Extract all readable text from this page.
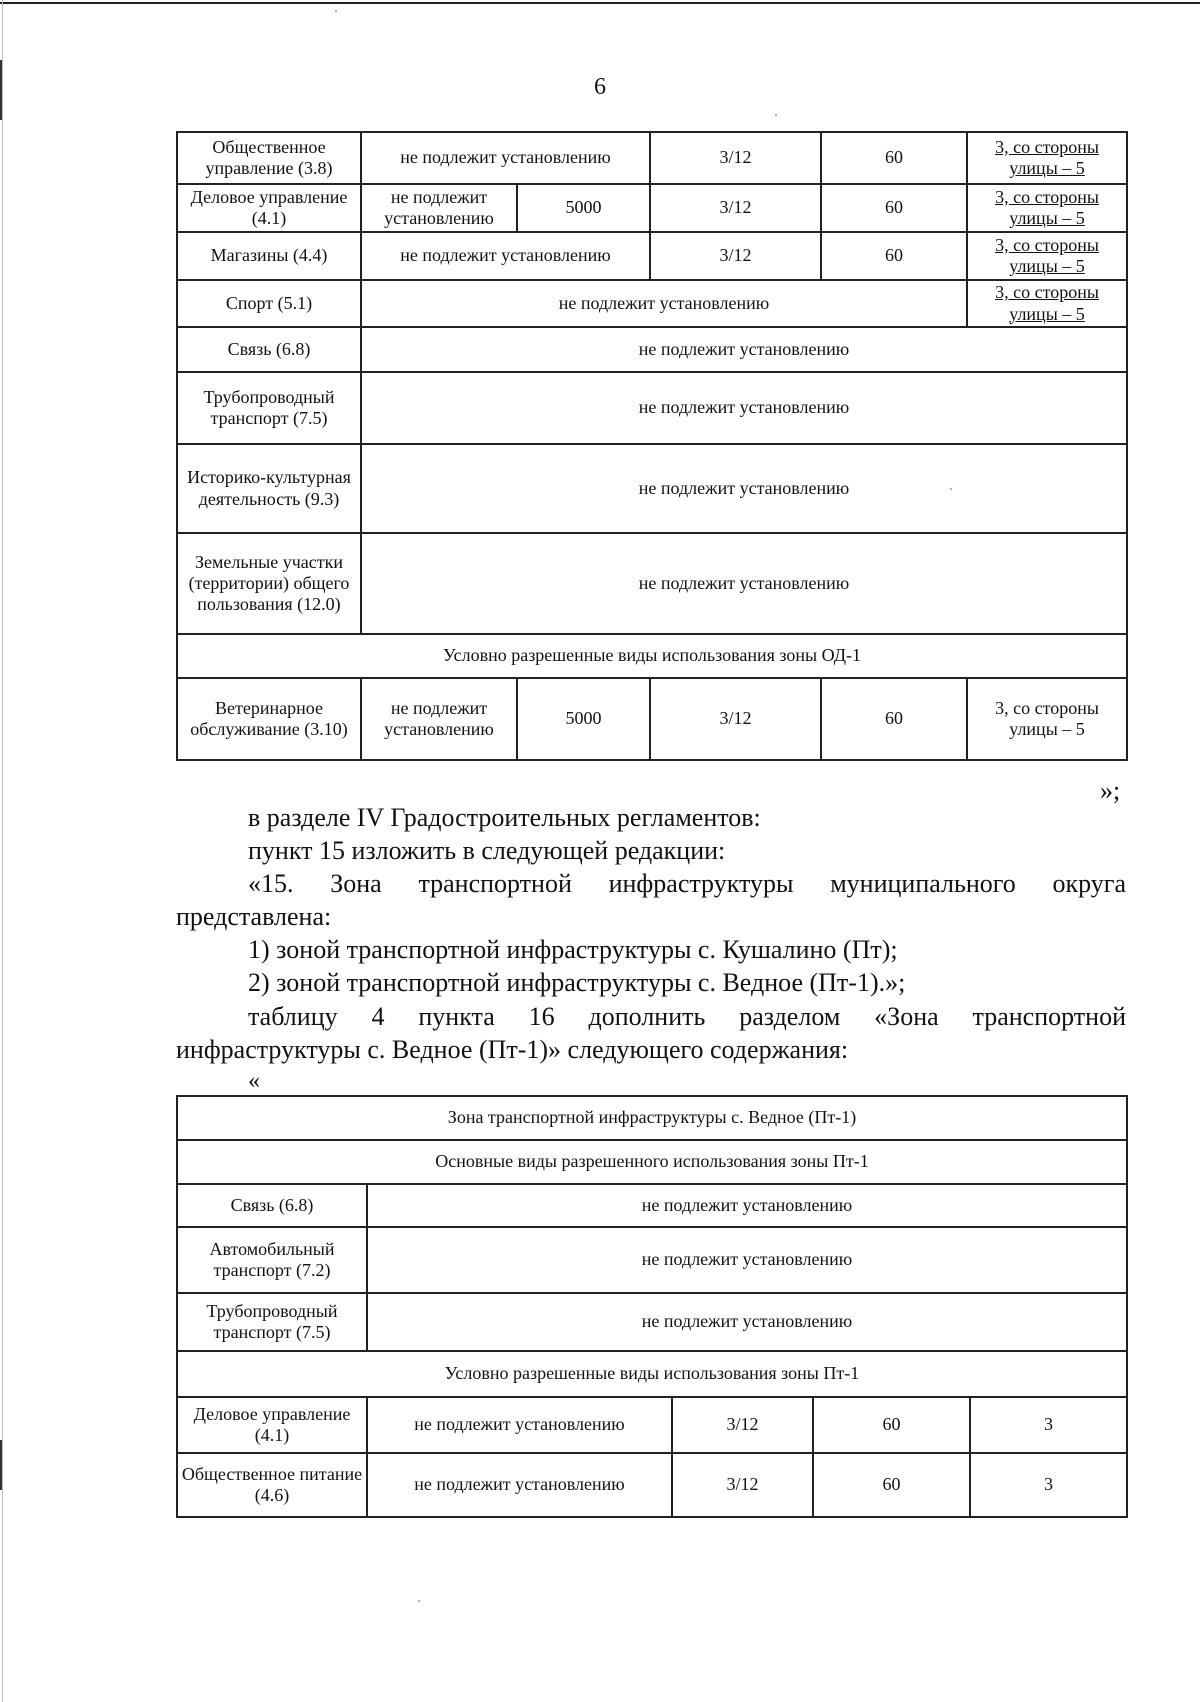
6
Общественное управление (3.8)	не подлежит установлению		3/12	60	3, со стороны улицы – 5
Деловое управление (4.1)	не подлежит установлению	5000	3/12	60	3, со стороны улицы – 5
Магазины (4.4)	не подлежит установлению		3/12	60	3, со стороны улицы – 5
Спорт (5.1)	не подлежит установлению				3, со стороны улицы – 5
Связь (6.8)	не подлежит установлению				
Трубопроводный транспорт (7.5)	не подлежит установлению				
Историко-культурная деятельность (9.3)	не подлежит установлению				
Земельные участки (территории) общего пользования (12.0)	не подлежит установлению				
Условно разрешенные виды использования зоны ОД-1					
Ветеринарное обслуживание (3.10)	не подлежит установлению	5000	3/12	60	3, со стороны улицы – 5
»;
в разделе IV Градостроительных регламентов:
пункт 15 изложить в следующей редакции:
«15. Зона транспортной инфраструктуры муниципального округа
представлена:
1) зоной транспортной инфраструктуры с. Кушалино (Пт);
2) зоной транспортной инфраструктуры с. Ведное (Пт-1).»;
таблицу 4 пункта 16 дополнить разделом «Зона транспортной
инфраструктуры с. Ведное (Пт-1)» следующего содержания:
«
Зона транспортной инфраструктуры с. Ведное (Пт-1)				
Основные виды разрешенного использования зоны Пт-1				
Связь (6.8)	не подлежит установлению			
Автомобильный транспорт (7.2)	не подлежит установлению			
Трубопроводный транспорт (7.5)	не подлежит установлению			
Условно разрешенные виды использования зоны Пт-1				
Деловое управление (4.1)	не подлежит установлению	3/12	60	3
Общественное питание (4.6)	не подлежит установлению	3/12	60	3
